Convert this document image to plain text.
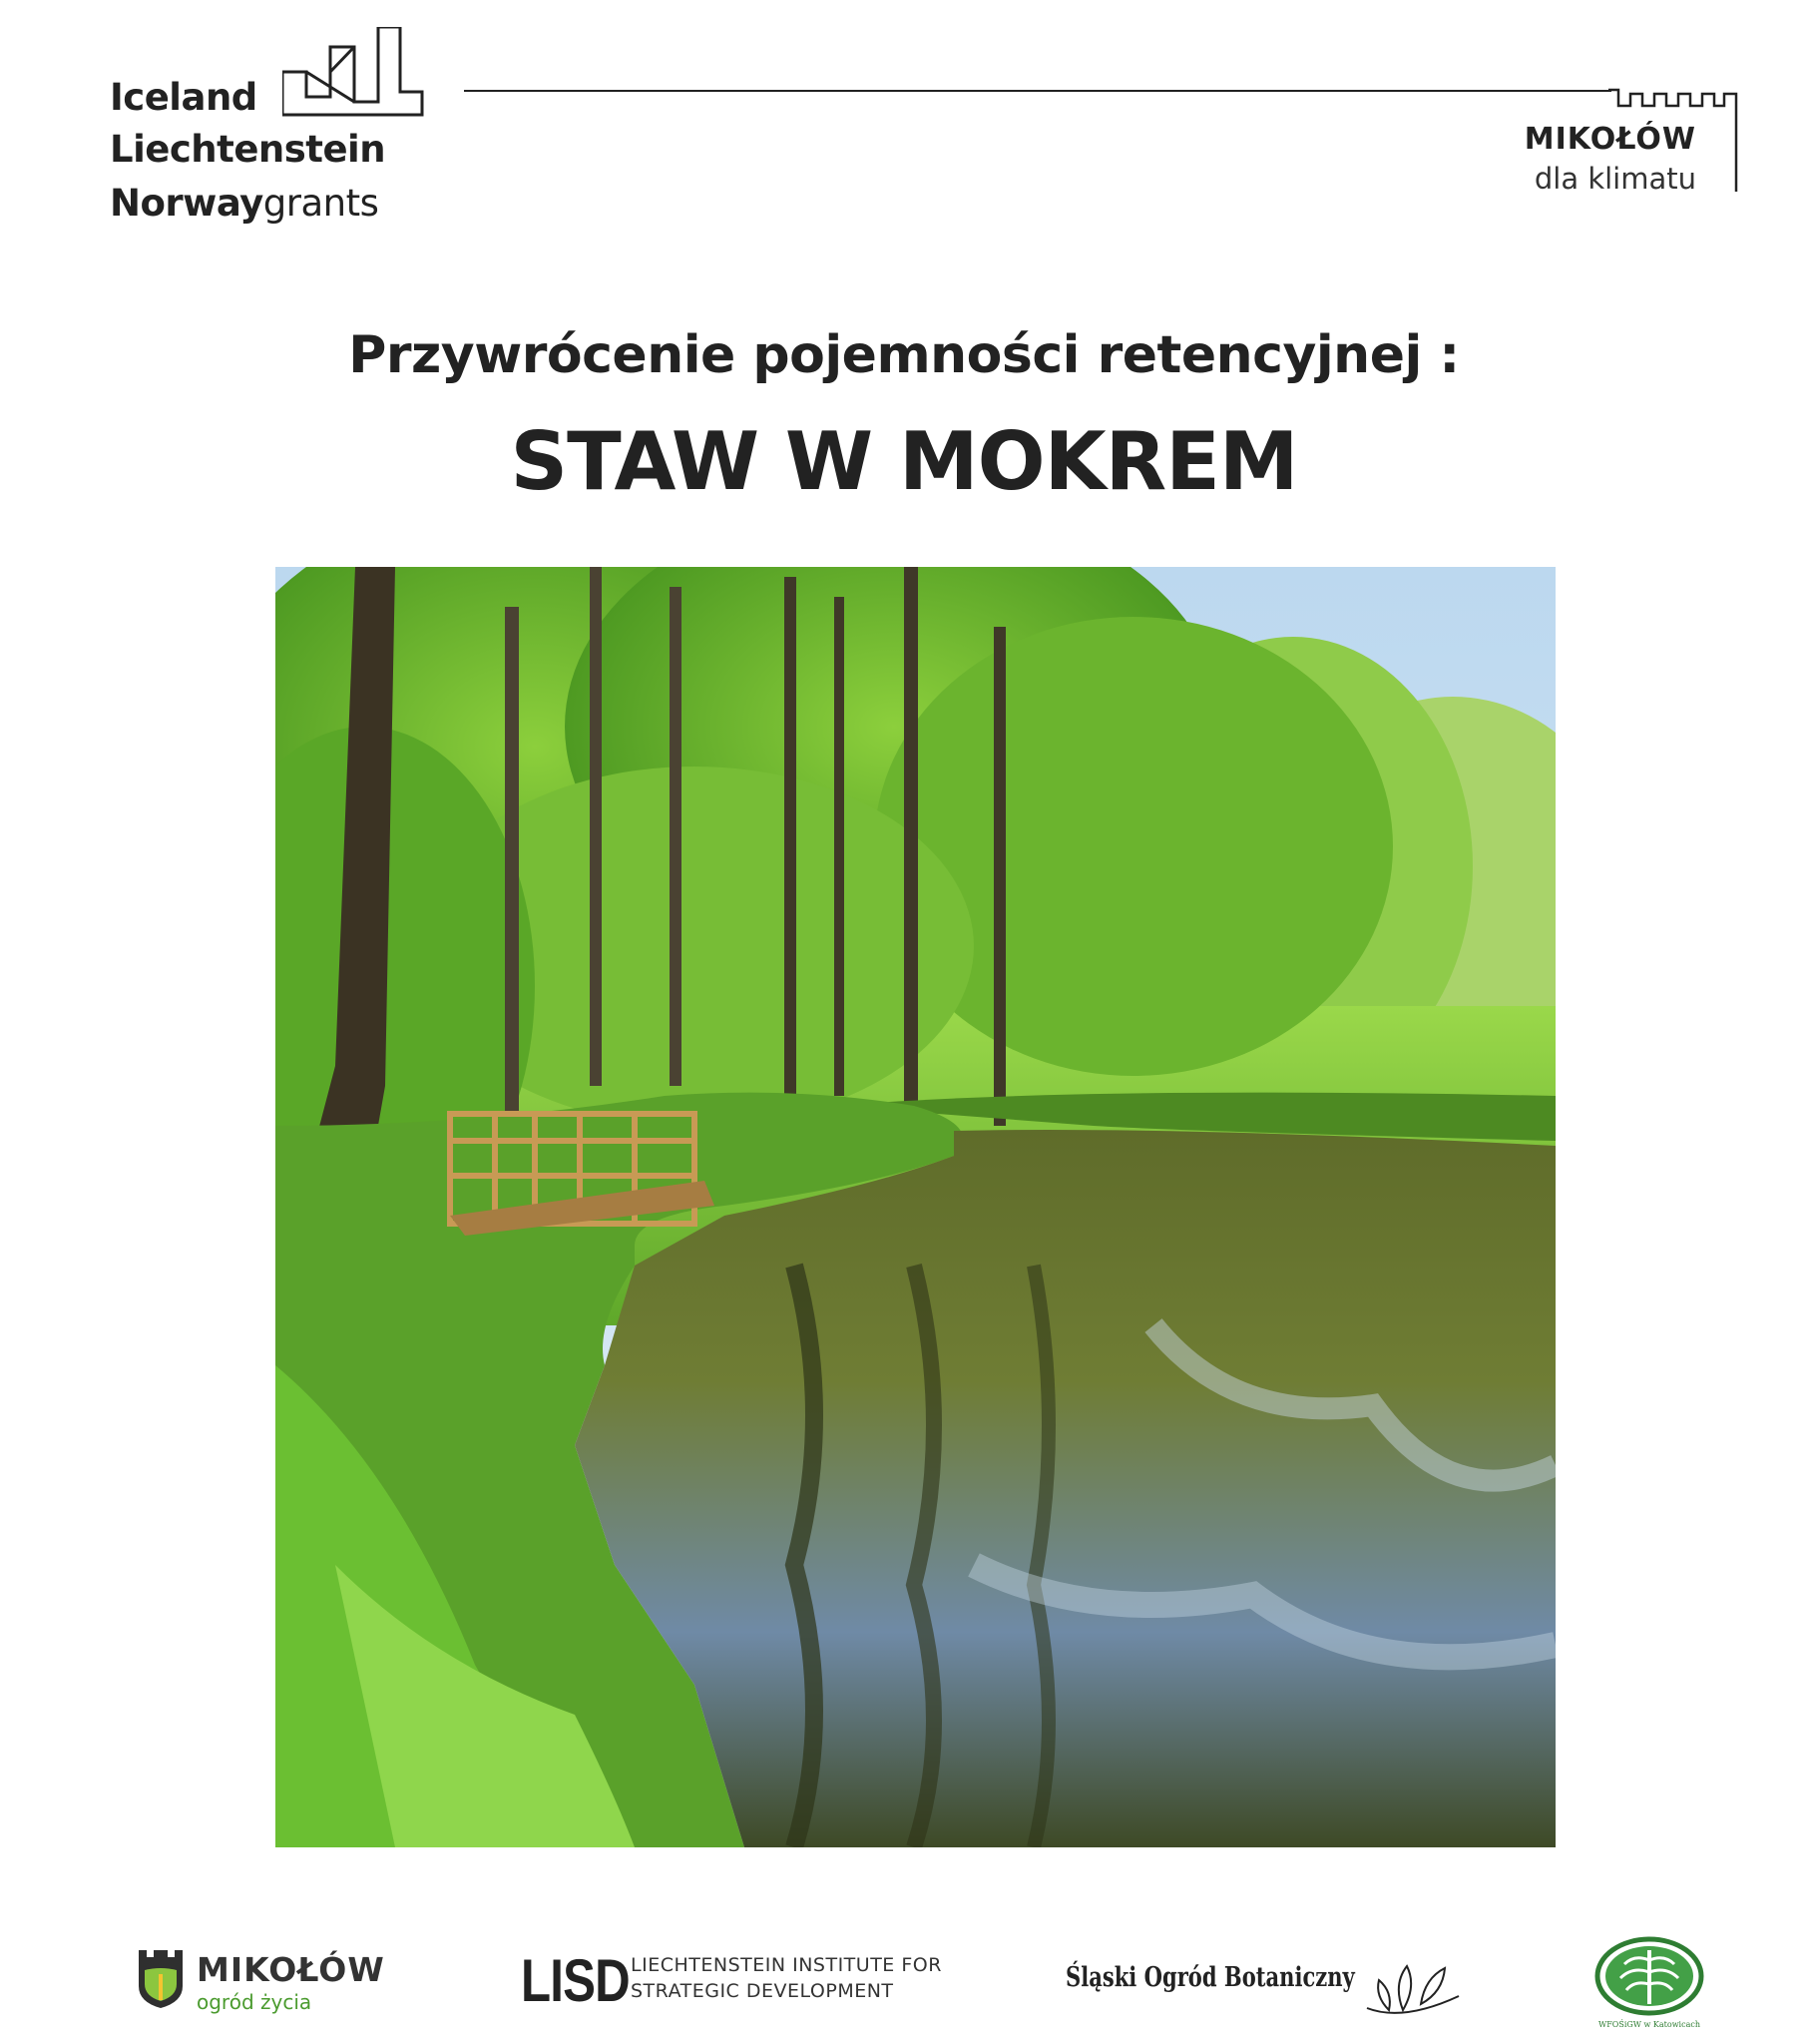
Iceland
Liechtenstein
Norwaygrants
MIKOŁÓW
dla klimatu
Przywrócenie pojemności retencyjnej :
STAW W MOKREM
MIKOŁÓW
ogród życia	LISD LIECHTENSTEIN INSTITUTE FOR
STRATEGIC DEVELOPMENT	Śląski Ogród Botaniczny
WFOŚiGW w Katowicach
